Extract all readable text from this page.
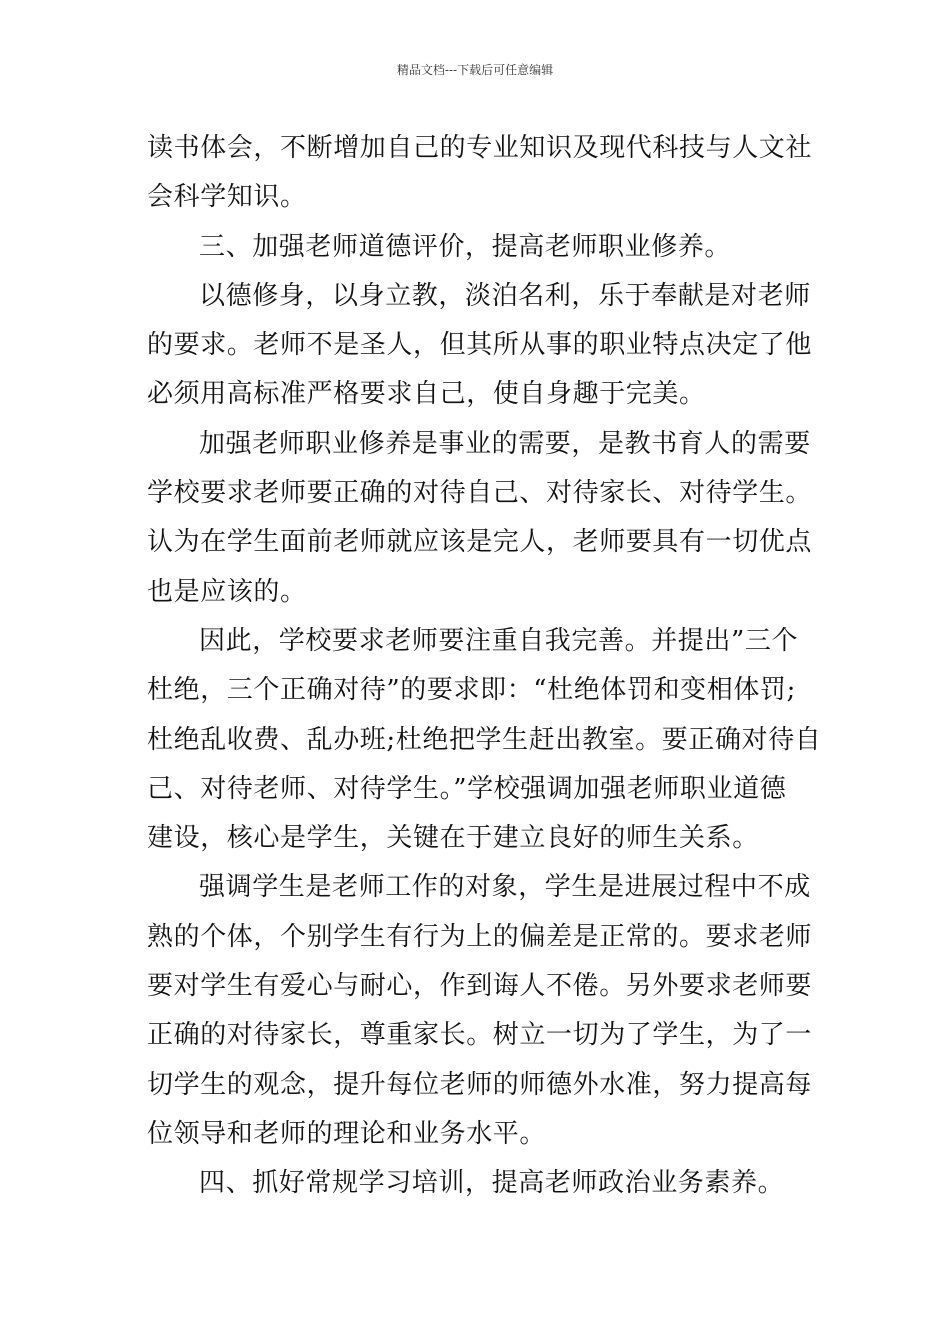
精品文档---下载后可任意编辑
读书体会，不断增加自己的专业知识及现代科技与人文社
会科学知识。
三、加强老师道德评价，提高老师职业修养。
以德修身，以身立教，淡泊名利，乐于奉献是对老师
的要求。老师不是圣人，但其所从事的职业特点决定了他
必须用高标准严格要求自己，使自身趣于完美。
加强老师职业修养是事业的需要，是教书育人的需要
学校要求老师要正确的对待自己、对待家长、对待学生。
认为在学生面前老师就应该是完人，老师要具有一切优点
也是应该的。
因此，学校要求老师要注重自我完善。并提出”三个
杜绝，三个正确对待”的要求即：“杜绝体罚和变相体罚;
杜绝乱收费、乱办班;杜绝把学生赶出教室。要正确对待自
己、对待老师、对待学生。”学校强调加强老师职业道德
建设，核心是学生，关键在于建立良好的师生关系。
强调学生是老师工作的对象，学生是进展过程中不成
熟的个体，个别学生有行为上的偏差是正常的。要求老师
要对学生有爱心与耐心，作到诲人不倦。另外要求老师要
正确的对待家长，尊重家长。树立一切为了学生，为了一
切学生的观念，提升每位老师的师德外水准，努力提高每
位领导和老师的理论和业务水平。
四、抓好常规学习培训，提高老师政治业务素养。
